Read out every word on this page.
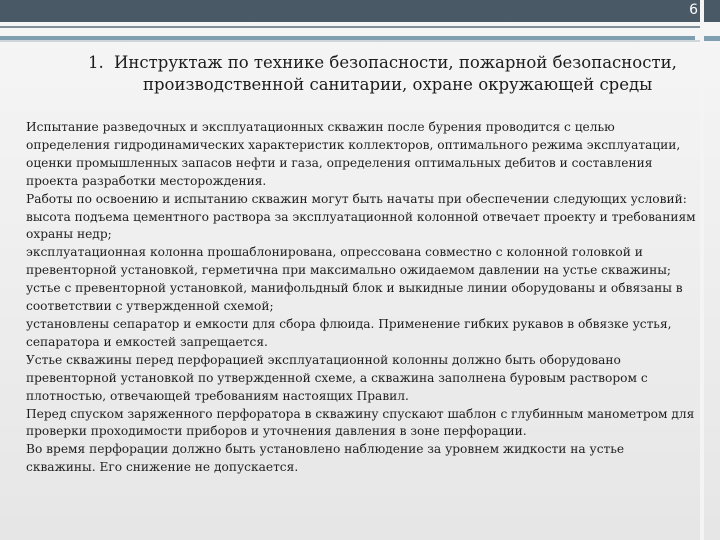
6
1. Инструктаж по технике безопасности, пожарной безопасности,
производственной санитарии, охране окружающей среды

Испытание разведочных и эксплуатационных скважин после бурения проводится с целью определения гидродинамических характеристик коллекторов, оптимального режима эксплуатации, оценки промышленных запасов нефти и газа, определения оптимальных дебитов и составления проекта разработки месторождения.

Работы по освоению и испытанию скважин могут быть начаты при обеспечении следующих условий:

высота подъема цементного раствора за эксплуатационной колонной отвечает проекту и требованиям охраны недр;

эксплуатационная колонна прошаблонирована, опрессована совместно с колонной головкой и превенторной установкой, герметична при максимально ожидаемом давлении на устье скважины;

устье с превенторной установкой, манифольдный блок и выкидные линии оборудованы и обвязаны в соответствии с утвержденной схемой;

установлены сепаратор и емкости для сбора флюида. Применение гибких рукавов в обвязке устья, сепаратора и емкостей запрещается.

Устье скважины перед перфорацией эксплуатационной колонны должно быть оборудовано превенторной установкой по утвержденной схеме, а скважина заполнена буровым раствором с плотностью, отвечающей требованиям настоящих Правил.

Перед спуском заряженного перфоратора в скважину спускают шаблон с глубинным манометром для проверки проходимости приборов и уточнения давления в зоне перфорации.

Во время перфорации должно быть установлено наблюдение за уровнем жидкости на устье скважины. Его снижение не допускается.
